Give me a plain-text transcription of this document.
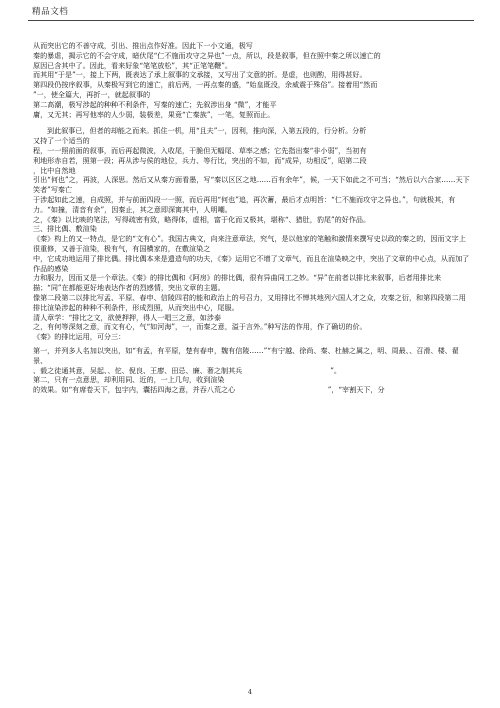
精品文档
从而突出它的不善守成，引出、推出点作好准。因此下一小文通，极写
秦的暴虐，揭示它的不会守成，暗伏尾“仁不施而攻守之异也”一点，所以，段是叙事，但在照中秦之所以速亡的
原因已含其中了。因此，看来好象“笔笔放松”，其“正笔笔鞭”。
而其用“于是”一，接上下两，既表达了承上叙事的文承接，又写出了文意的折。是虚，也则酌，用得甚好。
第四段仍按序叙事，从秦极写到它的速亡，前后两，一再点秦的盛，“始皇既没，余威震于殊俗”。接着用“然而
”一，使全篇大，再折一，就起叙事的
第二高潮，极写涉起的种种不利条件，写秦的速亡；先叙涉出身 “微”，才能平
庸，又无其；再写他率的人少弱，装极差，果竟“亡秦族”，一笔，复照而止。
到此叙事已，但者的却能之而来。抓住一机，用“且夫”一，因利，推向深，入第五段的，行分析。分析
又持了一个适当的
程，一一照前面的叙事，而后再起微波，入收尾，干脆但无幅尾、草率之感；它先指出秦“非小弱”，当初有
利地形赤自若，照第一段；再从涉与侯的地位，兵力、等行比，突出的不如，而“成异，功相反”，昭第二段
，比中自然地
引出“何也”之，再波，人深思。然后又从秦方面看墨，写“秦以区区之地……百有余年”，候，一天下如此之不可当；“然后以六合家……天下笑者”写秦亡
于涉起如此之速，自成照，并与前面四段一一照，而后再用“何也”追，再次蓄，最后才点明旨：“仁不施而攻守之异也。”，句就极其，有力。“如撞，清音有余”，因秦止，其之意即深寓其中，人明嘲。
之，《秦》以比映的笔法，写得疏密有致，略得体，虚相，富于化而又极其，堪称“、猎肚，豹尾”的好作品。
三、排比偶、敷渲染
《秦》构上的又一特点，是它的“文有心”。我国古典文，向来注意章法，究气，是以他家的笔触和激情来撰写史以政的秦之的，因而文字上很重修，又善于渲染，极有气，有国横家的，在敷渲染之
中，它成功地运用了排比偶。排比偶本来是遗造句的功夫，《秦》运用它不增了文章气，而且在渲染映之中，突出了文章的中心点，从而加了作品的感染
力和服力，因而又是一个章法。《秦》的排比偶和《阿房》的排比偶，很有异曲同工之妙。“异”在前者以排比来叙事，后者用排比来描；“同”在都能更好地表达作者的烈感情，突出文章的主题。
像第二段第二以排比写孟、平原、春申、信陵四君的能和政治上的号召力，又用排比不惮其地列六国人才之众，攻秦之衍，和第四段第二用排比渲染涉起的种种不利条件，形成烈照，从而突出中心，尾服。
清人章学：“排比之文，欲使押押，得人一唱三之意，如涉泰
之，有何等深刻之意，而文有心，气“如河海”，一，而秦之意，溢于言外。”种写法的作用，作了确切的价。
《秦》的排比运用，可分三：
第一，并列多人名加以突出，如“有孟，有平原，楚有春申，魏有信陵……”“有宁越、徐尚、秦、杜赫之属之，明、周最、、召滑、楼、翟景、
、毅之徒通其意，吴起、、佗、倪良、王廖、田忌、廉、奢之制其兵                                       ”。
第二，只有一点意思，却利用同、近的，一上几句，收到渲染
的效果。如“有席卷天下，包宇内，囊括四海之意，并吞八荒之心                                         ”，“宰割天下，分
4
